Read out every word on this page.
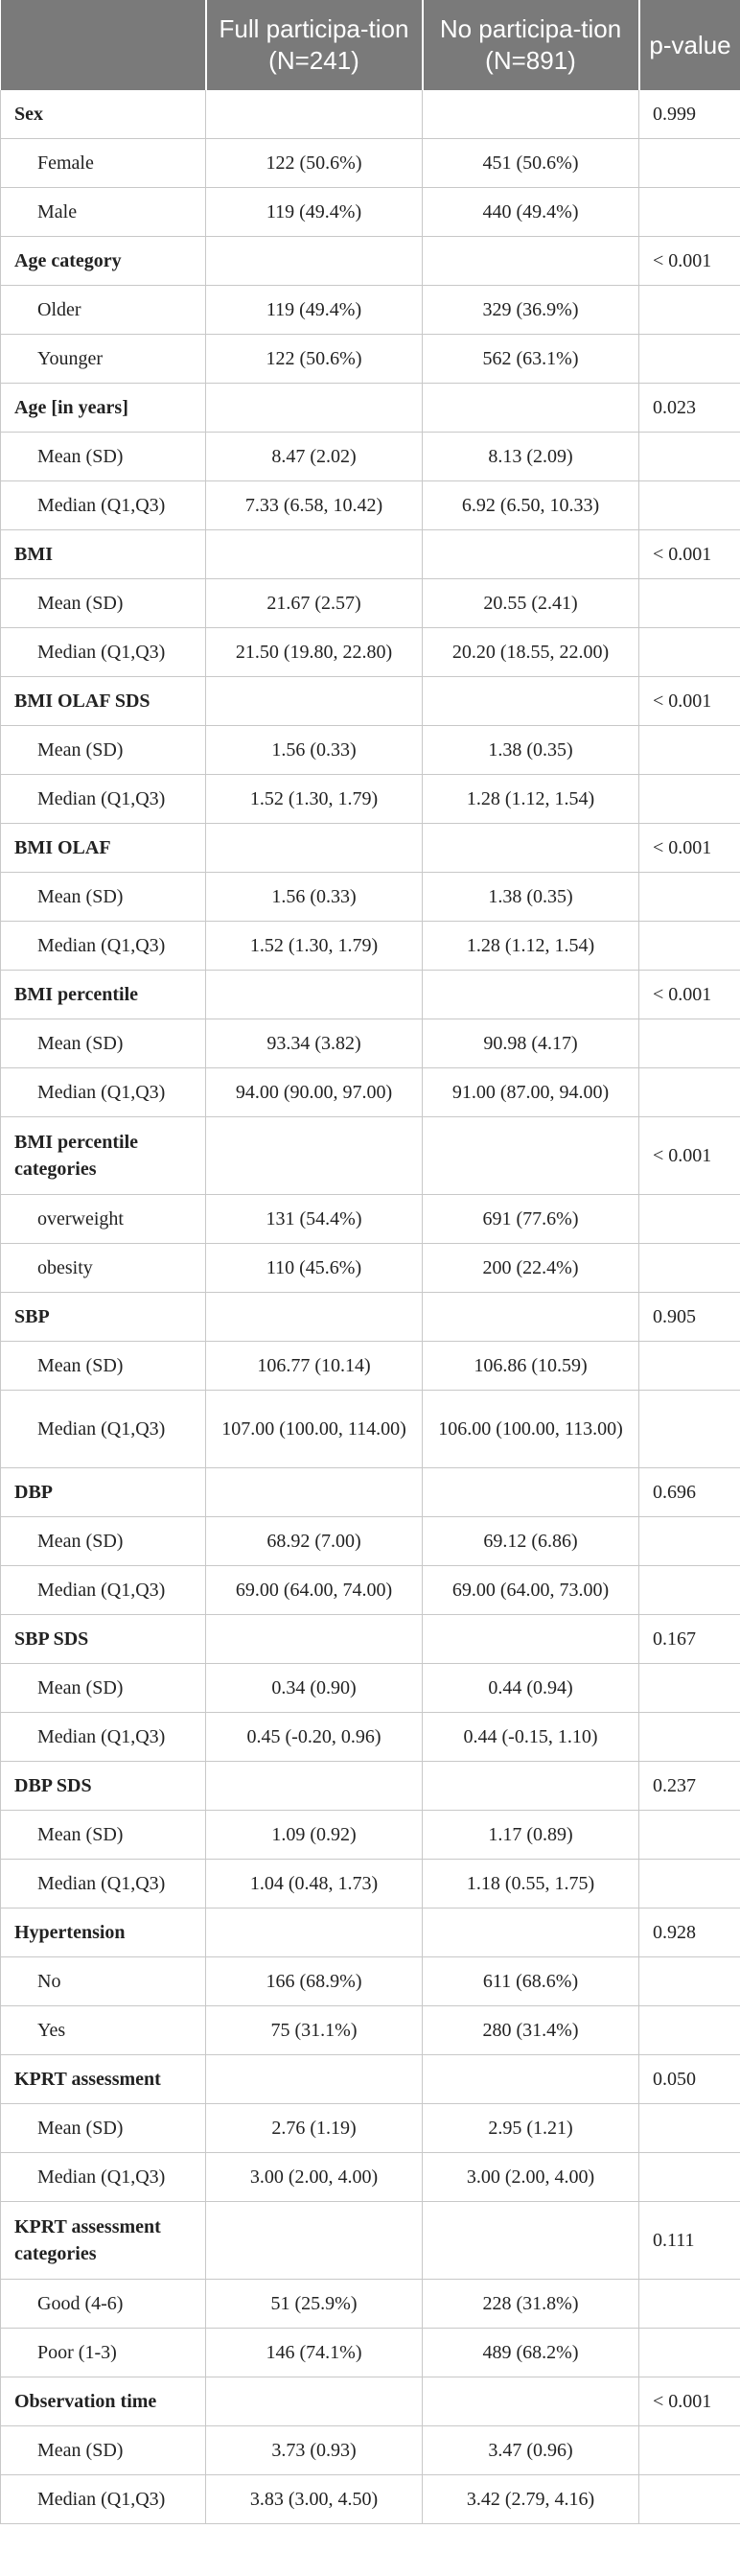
	Full participa-tion (N=241)	No participa-tion (N=891)	p-value
Sex			0.999
Female	122 (50.6%)	451 (50.6%)	
Male	119 (49.4%)	440 (49.4%)	
Age category			< 0.001
Older	119 (49.4%)	329 (36.9%)	
Younger	122 (50.6%)	562 (63.1%)	
Age [in years]			0.023
Mean (SD)	8.47 (2.02)	8.13 (2.09)	
Median (Q1,Q3)	7.33 (6.58, 10.42)	6.92 (6.50, 10.33)	
BMI			< 0.001
Mean (SD)	21.67 (2.57)	20.55 (2.41)	
Median (Q1,Q3)	21.50 (19.80, 22.80)	20.20 (18.55, 22.00)	
BMI OLAF SDS			< 0.001
Mean (SD)	1.56 (0.33)	1.38 (0.35)	
Median (Q1,Q3)	1.52 (1.30, 1.79)	1.28 (1.12, 1.54)	
BMI OLAF			< 0.001
Mean (SD)	1.56 (0.33)	1.38 (0.35)	
Median (Q1,Q3)	1.52 (1.30, 1.79)	1.28 (1.12, 1.54)	
BMI percentile			< 0.001
Mean (SD)	93.34 (3.82)	90.98 (4.17)	
Median (Q1,Q3)	94.00 (90.00, 97.00)	91.00 (87.00, 94.00)	
BMI percentile categories			< 0.001
overweight	131 (54.4%)	691 (77.6%)	
obesity	110 (45.6%)	200 (22.4%)	
SBP			0.905
Mean (SD)	106.77 (10.14)	106.86 (10.59)	
Median (Q1,Q3)	107.00 (100.00, 114.00)	106.00 (100.00, 113.00)	
DBP			0.696
Mean (SD)	68.92 (7.00)	69.12 (6.86)	
Median (Q1,Q3)	69.00 (64.00, 74.00)	69.00 (64.00, 73.00)	
SBP SDS			0.167
Mean (SD)	0.34 (0.90)	0.44 (0.94)	
Median (Q1,Q3)	0.45 (-0.20, 0.96)	0.44 (-0.15, 1.10)	
DBP SDS			0.237
Mean (SD)	1.09 (0.92)	1.17 (0.89)	
Median (Q1,Q3)	1.04 (0.48, 1.73)	1.18 (0.55, 1.75)	
Hypertension			0.928
No	166 (68.9%)	611 (68.6%)	
Yes	75 (31.1%)	280 (31.4%)	
KPRT assessment			0.050
Mean (SD)	2.76 (1.19)	2.95 (1.21)	
Median (Q1,Q3)	3.00 (2.00, 4.00)	3.00 (2.00, 4.00)	
KPRT assessment categories			0.111
Good (4-6)	51 (25.9%)	228 (31.8%)	
Poor (1-3)	146 (74.1%)	489 (68.2%)	
Observation time			< 0.001
Mean (SD)	3.73 (0.93)	3.47 (0.96)	
Median (Q1,Q3)	3.83 (3.00, 4.50)	3.42 (2.79, 4.16)	
